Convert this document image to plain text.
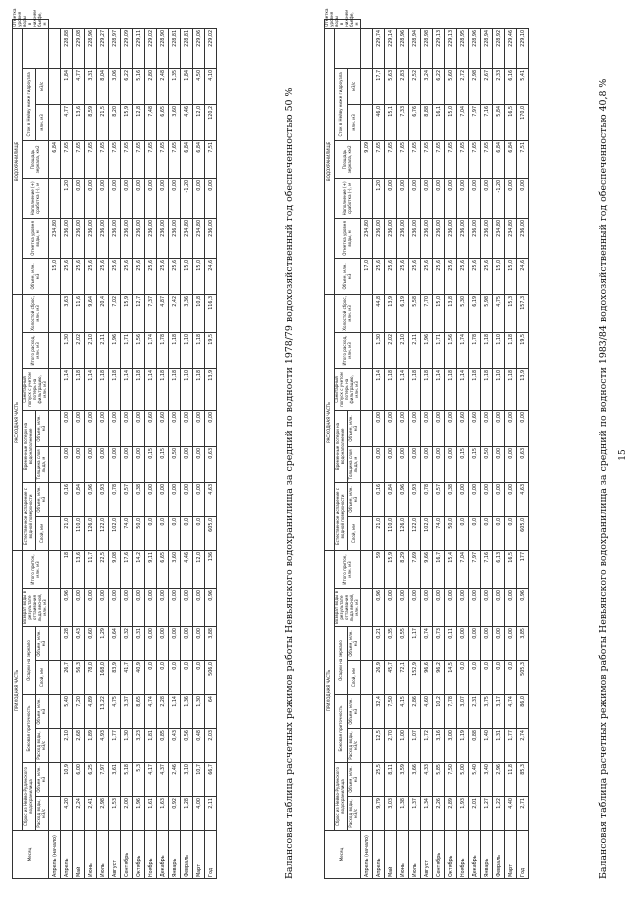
Балансовая таблица расчетных режимов работы Невьянского водохранилища за средний по водности 1983/84 водохозяйственный год обеспеченностью 40,8 %
Месяц	ПРИХОДНАЯ ЧАСТЬ								РАСХОДНАЯ ЧАСТЬ							ВОДОХРАНИЛИЩЕ							Отметка уровня воды в нижнем бьефе, м
	Сброс из Нейво-Рудянского водохранилища		Боковая приточность		Осадки на зеркало		Возврат воды в результате оттаивания льда весной, млн. м3	Итого приток, млн. м3	Естественное испарение с водной поверхности		Временные потери на водонаполнение		Санитарный попуск с учетом потерь на фильтрацию, млн. м3	Итого расход, млн. м3	Холостой сброс, млн. м3	Объем, млн. м3	Отметка уровня воды, м	Наполнение (+) сработка (-), м	Площадь зеркала, км2	Сток в Нейву ниже гидроузла			
	Расход воды, м3/с	Объем, млн. м3	Расход воды, м3/с	Объем, млн. м3	Слой, мм	Объем, млн. м3			Слой, мм	Объем, млн. м3	Толщина слоя льда, м	Объем, млн. м3								млн. м3	м3/с		
Апрель (начало)																17,0	234,80		9,09				
Апрель	9,79	25,5	12,5	32,4	26,9	0,21	0,96	59	21,0	0,16	0,00	0,00	1,14	1,30	44,8	25,6	236,00	1,20	7,65	46,0	17,7	229,74	
Май	3,03	8,11	2,70	7,50	45,7	0,35	0,00	15,9	110,0	0,84	0,00	0,00	1,18	2,02	13,9	25,6	236,00	0,00	7,65	15,1	5,63	229,14	
Июнь	1,38	3,59	1,00	4,15	72,1	0,55	0,00	8,29	126,0	0,96	0,00	0,00	1,14	2,10	6,19	25,6	236,00	0,00	7,65	7,33	2,83	228,96	
Июль	1,37	3,66	1,07	2,86	152,9	1,17	0,00	7,69	122,0	0,93	0,00	0,00	1,18	2,11	5,58	25,6	236,00	0,00	7,65	6,76	2,52	228,94	
Август	1,34	4,33	1,72	4,60	96,6	0,74	0,00	9,66	102,0	0,78	0,00	0,00	1,18	1,96	7,70	25,6	236,00	0,00	7,65	8,88	3,24	228,98	
Сентябрь	2,26	5,85	3,16	10,2	96,2	0,73	0,00	16,7	74,0	0,57	0,00	0,00	1,14	1,71	15,0	25,6	236,00	0,00	7,65	16,1	6,22	229,13	
Октябрь	2,89	7,50	3,00	7,78	14,5	0,11	0,00	15,4	50,0	0,38	0,00	0,00	1,18	1,56	13,8	25,6	236,00	0,00	7,65	15,0	5,60	229,13	
Ноябрь	1,93	5,00	1,19	3,07	0,0	0,00	0,00	7,04	0,0	0,00	0,15	0,60	1,14	1,74	5,30	25,6	236,00	0,00	7,65	7,04	2,72	228,95	
Декабрь	2,01	5,40	0,88	2,31	0,0	0,00	0,00	7,97	0,0	0,00	0,15	0,60	1,18	1,78	6,19	25,6	236,00	0,00	7,65	7,97	2,98	228,96	
Январь	1,27	3,40	1,40	3,75	0,0	0,00	0,00	7,16	0,0	0,00	0,50	0,00	1,18	1,18	5,98	25,6	236,00	0,00	7,65	7,16	2,67	228,94	
Февраль	1,22	2,96	1,31	3,17	0,0	0,00	0,00	6,13	0,0	0,00	0,00	0,00	1,10	1,10	4,75	15,0	234,80	-1,20	6,84	5,84	2,33	228,92	
Март	4,40	11,8	1,77	4,74	0,0	0,00	0,00	16,5	0,0	0,00	0,00	0,00	1,18	1,18	15,3	15,0	234,80	0,00	6,84	16,5	6,16	229,46	
Год	2,71	85,3	2,74	86,0	505,3	3,85	0,96	177	605,0	4,63	0,63	0,00	13,9	19,5	157,3	24,6	236,00	0,00	7,51	170,0	5,41	229,10	
Балансовая таблица расчетных режимов работы Невьянского водохранилища за средний по водности 1978/79 водохозяйственный год обеспеченностью 50 %
Месяц	ПРИХОДНАЯ ЧАСТЬ								РАСХОДНАЯ ЧАСТЬ							ВОДОХРАНИЛИЩЕ							Отметка уровня воды в нижнем бьефе, м
	Сброс из Нейво-Рудянского водохранилища		Боковая приточность		Осадки на зеркало		Возврат воды в результате оттаивания льда весной, млн. м3	Итого приток, млн. м3	Естественное испарение с водной поверхности		Временные потери на водонаполнение		Санитарный попуск с учетом потерь на фильтрацию, млн. м3	Итого расход, млн. м3	Холостой сброс, млн. м3	Объем, млн. м3	Отметка уровня воды, м	Наполнение (+) сработка (-), м	Площадь зеркала, км2	Сток в Нейву ниже гидроузла			
	Расход воды, м3/с	Объем, млн. м3	Расход воды, м3/с	Объем, млн. м3	Слой, мм	Объем, млн. м3			Слой, мм	Объем, млн. м3	Толщина слоя льда, м	Объем, млн. м3								млн. м3	м3/с		
Апрель (начало)																15,0	234,80		6,84				
Апрель	4,20	10,9	2,10	5,40	26,7	0,28	0,96	18	21,0	0,16	0,00	0,00	1,14	1,30	3,63	25,6	236,00	1,20	7,65	4,77	1,84	228,88	
Май	2,24	6,00	2,68	7,20	56,3	0,43	0,00	13,6	110,0	0,84	0,00	0,00	1,18	2,02	11,6	25,6	236,00	0,00	7,65	13,6	4,77	229,08	
Июнь	2,41	6,25	1,89	4,89	78,0	0,60	0,00	11,7	126,0	0,96	0,00	0,00	1,14	2,10	9,64	25,6	236,00	0,00	7,65	8,59	3,31	228,96	
Июль	2,98	7,97	4,93	13,22	168,0	1,29	0,00	22,5	122,0	0,93	0,00	0,00	1,18	2,11	20,4	25,6	236,00	0,00	7,65	21,5	8,04	229,27	
Август	1,53	3,61	1,77	4,75	83,9	0,64	0,00	9,08	102,0	0,78	0,00	0,00	1,18	1,96	7,02	25,6	236,00	0,00	7,65	8,20	3,06	228,97	
Сентябрь	2,00	5,18	1,30	3,37	41,7	0,32	0,00	17,6	74,0	0,57	0,00	0,00	1,14	1,71	15,9	25,6	236,00	0,00	7,65	15,9	6,22	229,09	
Октябрь	1,96	5,3	3,23	8,65	40,9	0,31	0,00	14,2	50,0	0,38	0,00	0,00	1,18	1,56	12,7	25,6	236,00	0,00	7,65	12,8	5,16	229,11	
Ноябрь	1,61	4,17	1,81	4,74	0,0	0,00	0,00	9,11	0,0	0,00	0,15	0,60	1,14	1,74	7,37	25,6	236,00	0,00	7,65	7,48	2,80	229,02	
Декабрь	1,63	4,37	0,85	2,28	0,0	0,00	0,00	6,65	0,0	0,00	0,15	0,60	1,18	1,78	4,87	25,6	236,00	0,00	7,65	6,65	2,48	228,90	
Январь	0,92	2,46	0,43	1,14	0,0	0,00	0,00	3,60	0,0	0,00	0,50	0,00	1,18	1,18	2,42	25,6	236,00	0,00	7,65	3,60	1,35	228,81	
Февраль	1,28	3,10	0,56	1,36	0,0	0,00	0,00	4,46	0,0	0,00	0,00	0,00	1,10	1,10	3,36	15,0	234,80	-1,20	6,84	4,46	1,84	228,81	
Март	4,00	10,7	0,48	1,30	0,0	0,00	0,00	12,0	0,0	0,00	0,00	0,00	1,18	1,18	10,8	15,0	234,80	0,00	6,84	12,0	4,50	229,06	
Год	2,11	66,7	2,03	64	506,0	3,88	0,96	136	605,0	4,63	0,63	0,00	13,9	19,5	116,3	24,6	236,00	0,00	7,51	120,2	4,10	229,02	
15
